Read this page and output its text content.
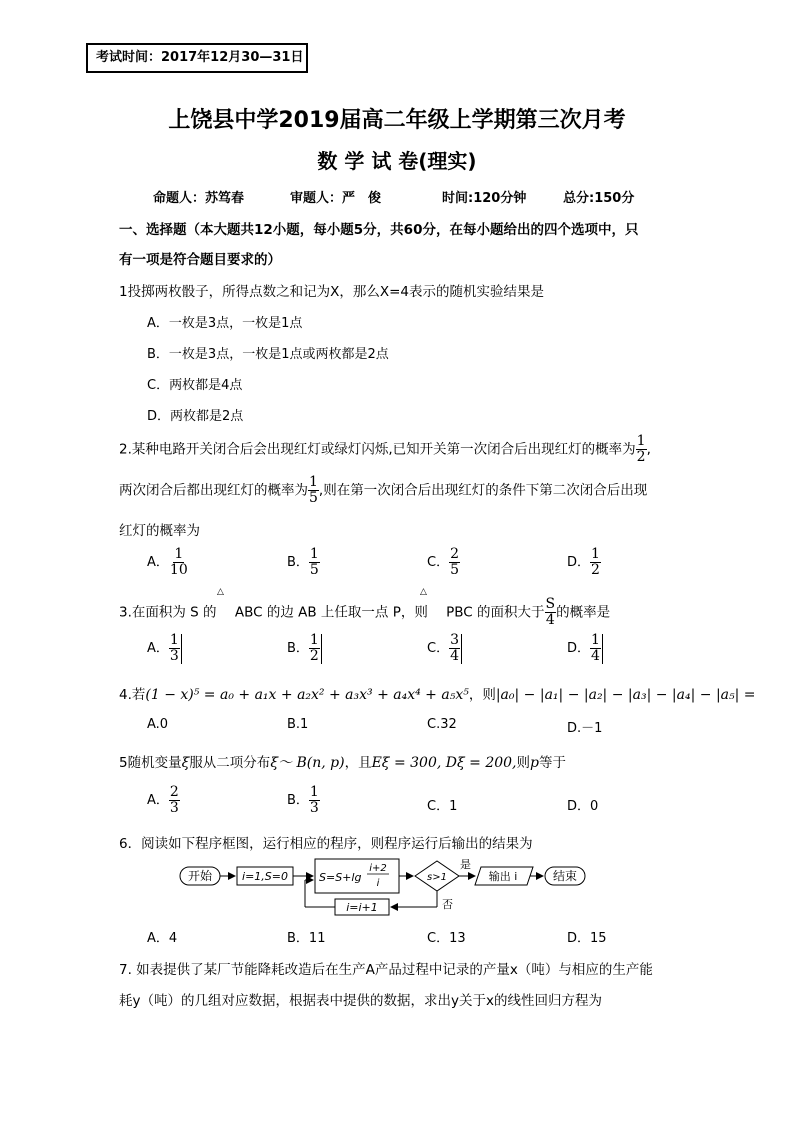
考试时间：2017年12月30—31日
上饶县中学2019届高二年级上学期第三次月考
数 学 试 卷(理实)
命题人：苏笃春	审题人：严　俊	时间:120分钟	总分:150分
一、选择题（本大题共12小题，每小题5分，共60分，在每小题给出的四个选项中，只
有一项是符合题目要求的）
1投掷两枚骰子，所得点数之和记为X，那么X=4表示的随机实验结果是
A．一枚是3点，一枚是1点
B．一枚是3点，一枚是1点或两枚都是2点
C．两枚都是4点
D．两枚都是2点
2.某种电路开关闭合后会出现红灯或绿灯闪烁,已知开关第一次闭合后出现红灯的概率为 $\frac{1}{2}$ ,
两次闭合后都出现红灯的概率为 $\frac{1}{5}$ ,则在第一次闭合后出现红灯的条件下第二次闭合后出现
红灯的概率为
A． $\frac{1}{10}$	B． $\frac{1}{5}$	C． $\frac{2}{5}$	D． $\frac{1}{2}$
3.在面积为 S 的 ABC 的边 AB 上任取一点 P，则 PBC 的面积大于 $\frac{S}{4}$ 的概率是
△	△
A． $\frac{1}{3}$	B． $\frac{1}{2}$	C． $\frac{3}{4}$	D． $\frac{1}{4}$
4.若(1 − x)⁵ = a₀ + a₁x + a₂x² + a₃x³ + a₄x⁴ + a₅x⁵，则|a₀| − |a₁| − |a₂| − |a₃| − |a₄| − |a₅| =
A.0	B.1	C.32	D.－1
5随机变量ξ服从二项分布ξ～ B(n, p)，且Eξ = 300, Dξ = 200,则p等于
A． $\frac{2}{3}$	B． $\frac{1}{3}$	C．1	D．0
6．阅读如下程序框图，运行相应的程序，则程序运行后输出的结果为
开始	i=1,S=0	S=S+lg
i+2
i
s>1
是
输出 i	结束
否
i=i+1
A．4	B．11	C．13	D．15
7. 如表提供了某厂节能降耗改造后在生产A产品过程中记录的产量x（吨）与相应的生产能
耗y（吨）的几组对应数据，根据表中提供的数据，求出y关于x的线性回归方程为
